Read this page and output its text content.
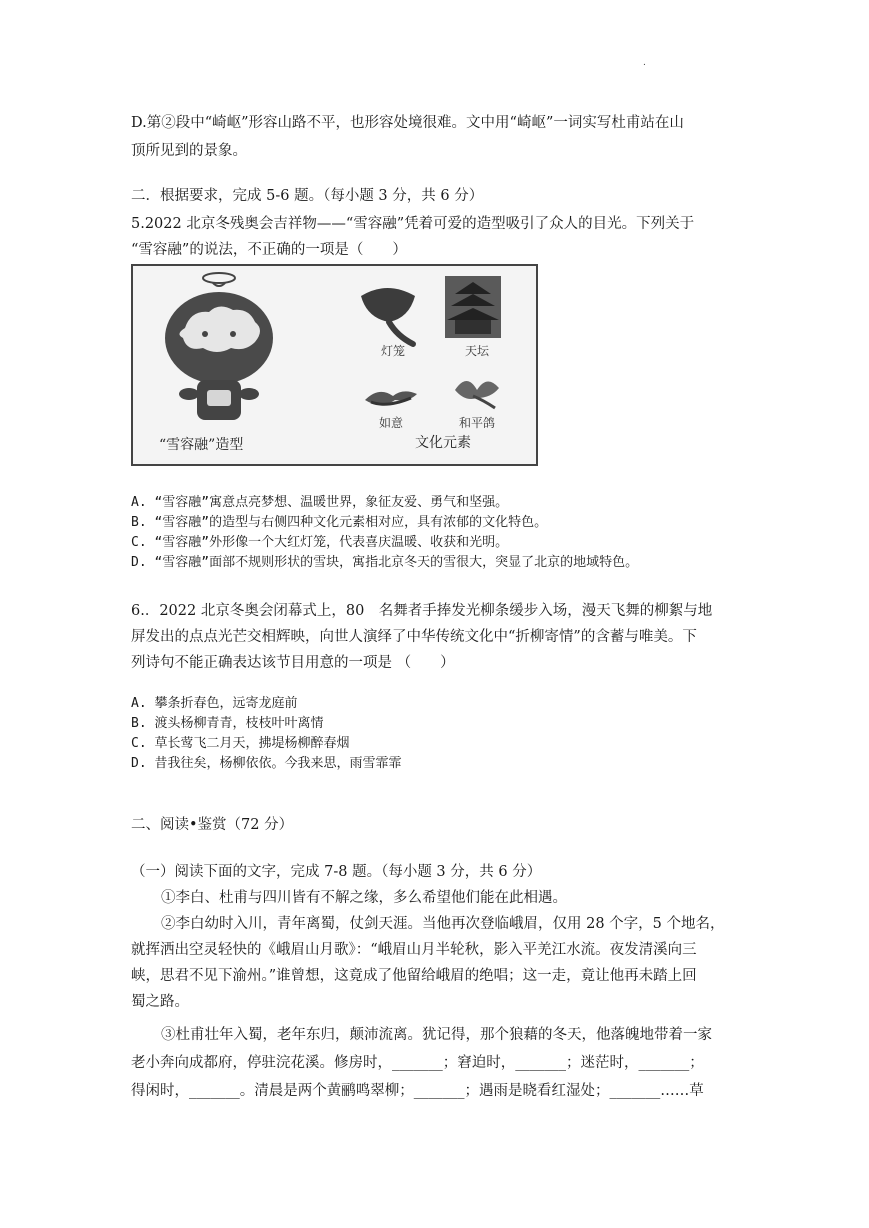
.
D.第②段中“崎岖”形容山路不平，也形容处境很难。文中用“崎岖”一词实写杜甫站在山
顶所见到的景象。
二．根据要求，完成 5-6 题。（每小题 3 分，共 6 分）
5.2022 北京冬残奥会吉祥物——“雪容融”凭着可爱的造型吸引了众人的目光。下列关于
“雪容融”的说法，不正确的一项是（　　）
灯笼	天坛
如意	和平鸽
“雪容融”造型	文化元素
A. “雪容融”寓意点亮梦想、温暖世界，象征友爱、勇气和坚强。
B. “雪容融”的造型与右侧四种文化元素相对应，具有浓郁的文化特色。
C. “雪容融”外形像一个大红灯笼，代表喜庆温暖、收获和光明。
D. “雪容融”面部不规则形状的雪块，寓指北京冬天的雪很大，突显了北京的地域特色。
6.．2022 北京冬奥会闭幕式上，80　名舞者手捧发光柳条缓步入场，漫天飞舞的柳絮与地
屏发出的点点光芒交相辉映，向世人演绎了中华传统文化中“折柳寄情”的含蓄与唯美。下
列诗句不能正确表达该节目用意的一项是 （　　）
A. 攀条折春色，远寄龙庭前
B. 渡头杨柳青青，枝枝叶叶离情
C. 草长莺飞二月天，拂堤杨柳醉春烟
D. 昔我往矣，杨柳依依。今我来思，雨雪霏霏
二、阅读•鉴赏（72 分）
（一）阅读下面的文字，完成 7-8 题。（每小题 3 分，共 6 分）
①李白、杜甫与四川皆有不解之缘，多么希望他们能在此相遇。
②李白幼时入川，青年离蜀，仗剑天涯。当他再次登临峨眉，仅用 28 个字，5 个地名，
就挥洒出空灵轻快的《峨眉山月歌》：“峨眉山月半轮秋，影入平羌江水流。夜发清溪向三
峡，思君不见下渝州。”谁曾想，这竟成了他留给峨眉的绝唱；这一走，竟让他再未踏上回
蜀之路。
③杜甫壮年入蜀，老年东归，颠沛流离。犹记得，那个狼藉的冬天，他落魄地带着一家
老小奔向成都府，停驻浣花溪。修房时，_______；窘迫时，_______；迷茫时，_______；
得闲时，_______。清晨是两个黄鹂鸣翠柳；_______；遇雨是晓看红湿处；_______……草
